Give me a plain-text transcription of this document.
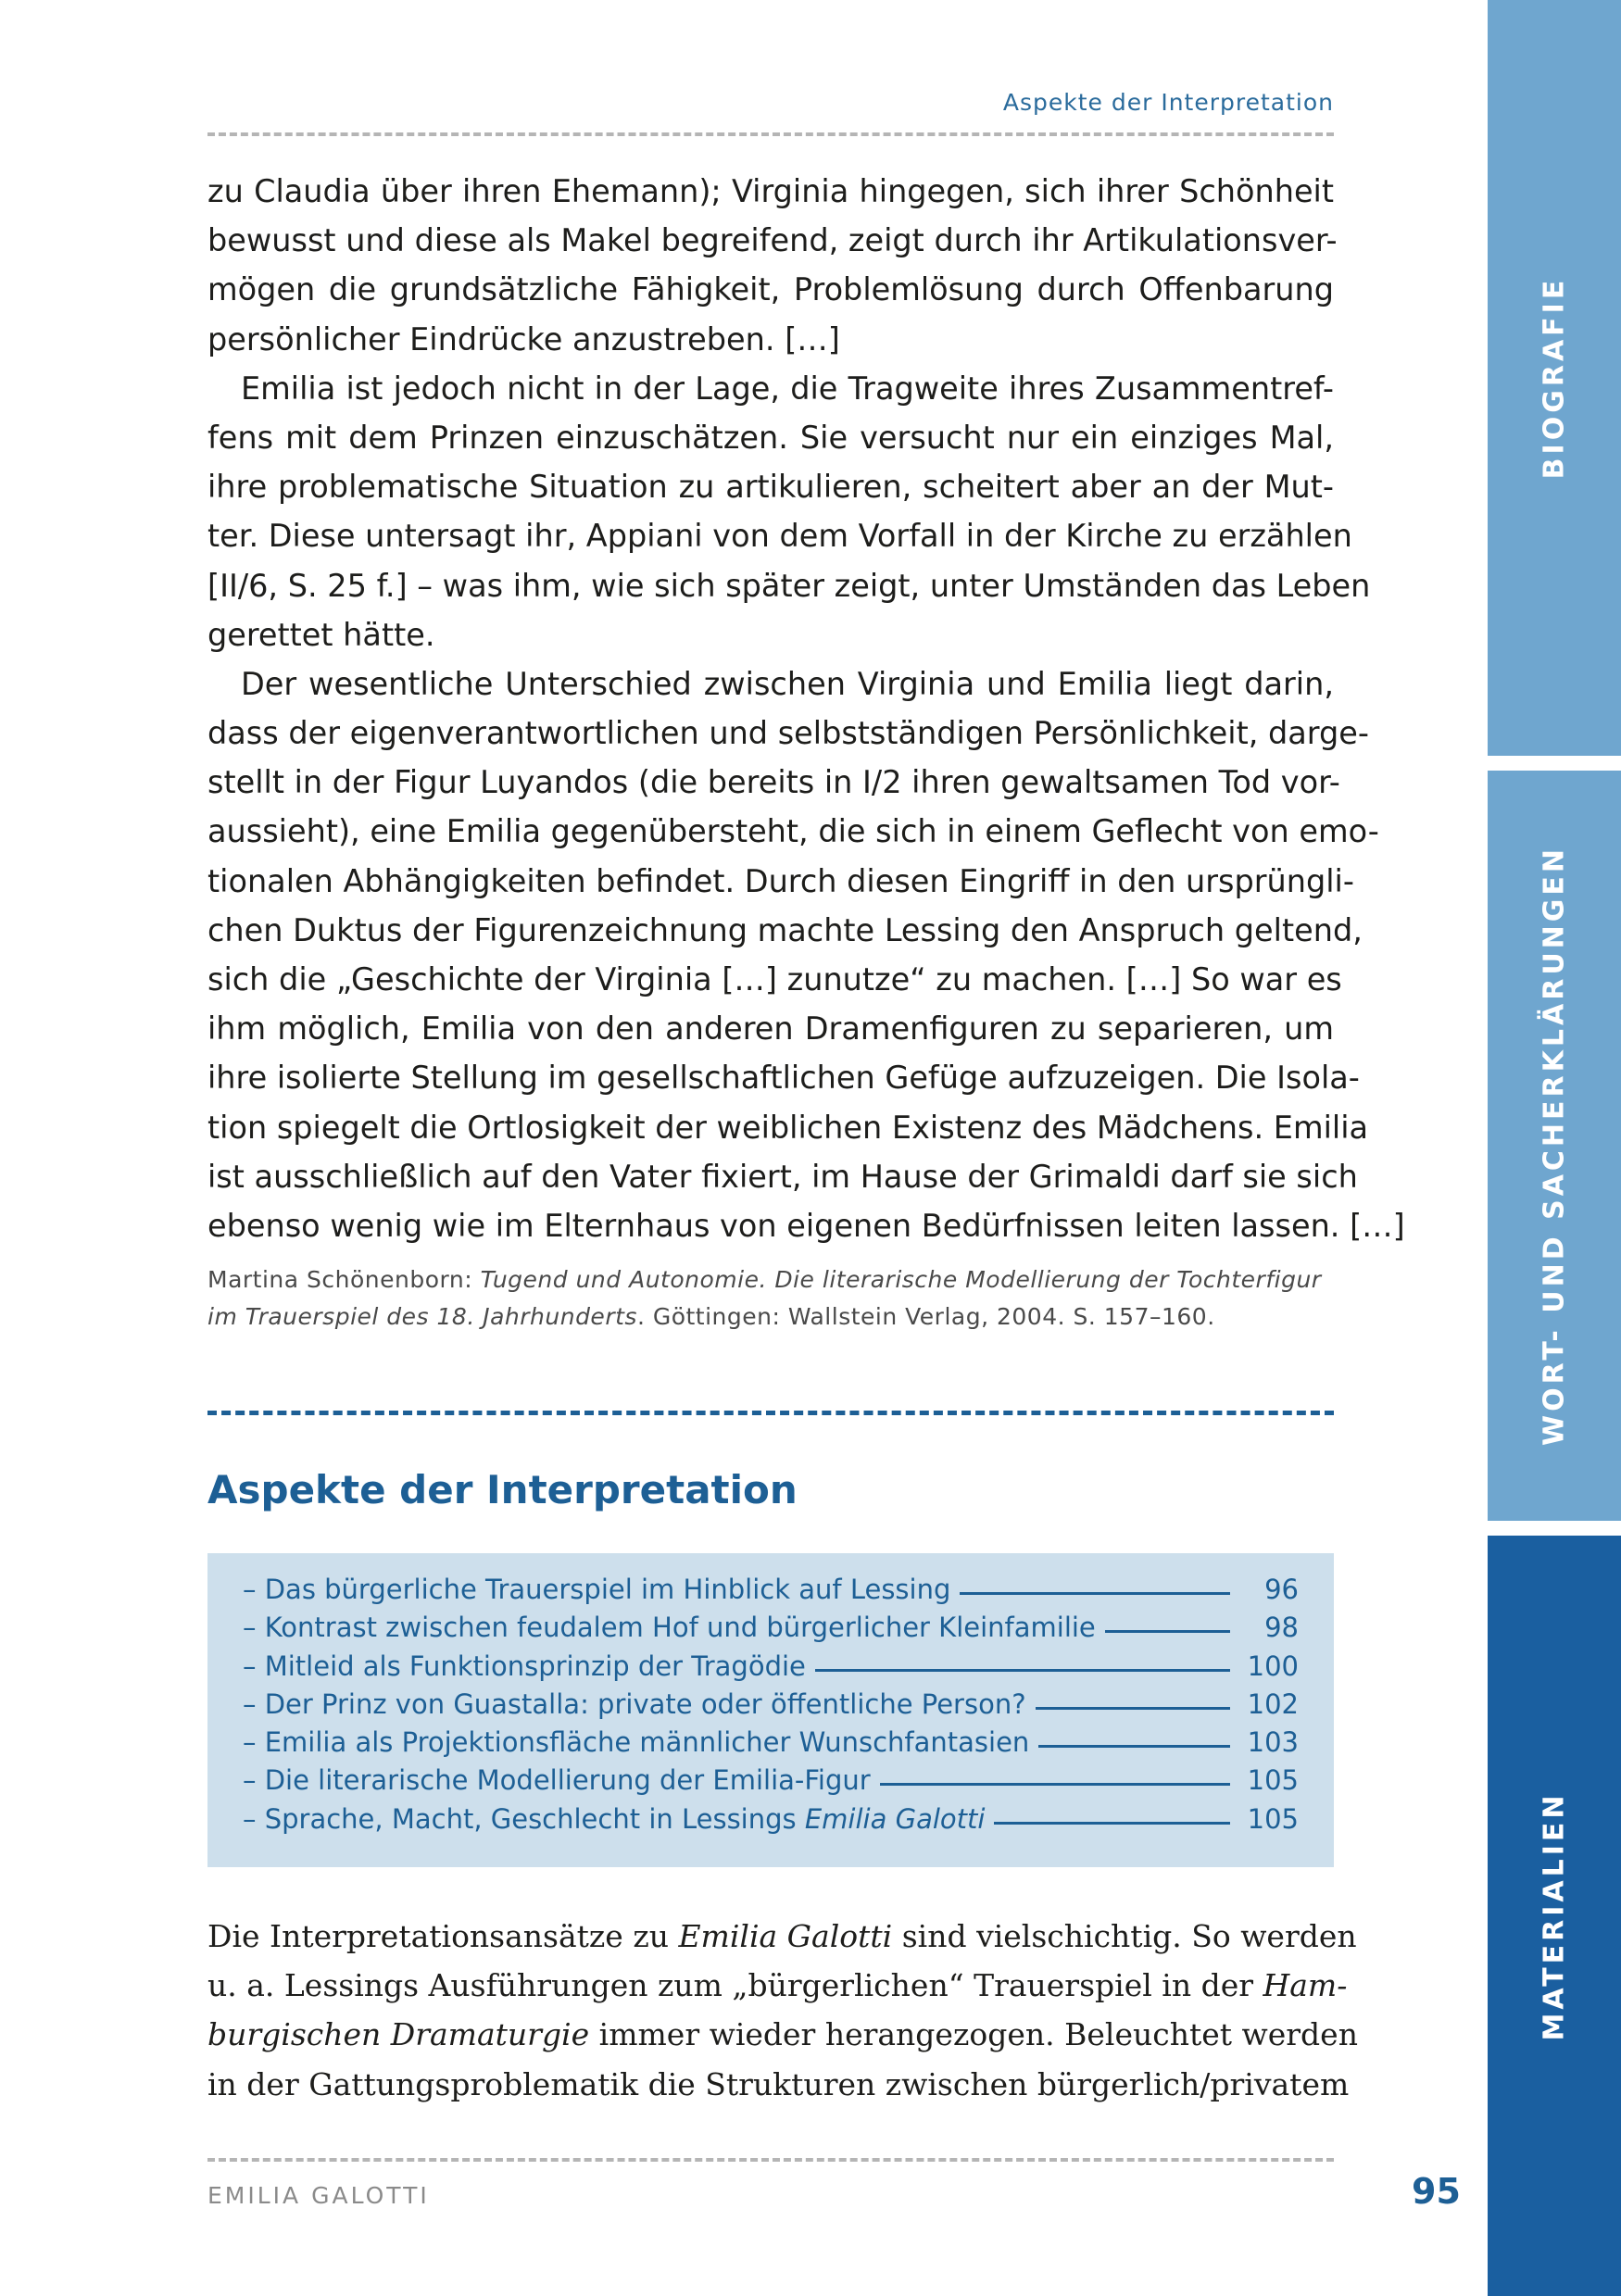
Aspekte der Interpretation
zu Claudia über ihren Ehemann); Virginia hingegen, sich ihrer Schönheit
bewusst und diese als Makel begreifend, zeigt durch ihr Artikulationsver-
mögen die grundsätzliche Fähigkeit, Problemlösung durch Offenbarung
persönlicher Eindrücke anzustreben. […]
Emilia ist jedoch nicht in der Lage, die Tragweite ihres Zusammentref-
fens mit dem Prinzen einzuschätzen. Sie versucht nur ein einziges Mal,
ihre problematische Situation zu artikulieren, scheitert aber an der Mut-
ter. Diese untersagt ihr, Appiani von dem Vorfall in der Kirche zu erzählen
[II/6, S. 25 f.] – was ihm, wie sich später zeigt, unter Umständen das Leben
gerettet hätte.
Der wesentliche Unterschied zwischen Virginia und Emilia liegt darin,
dass der eigenverantwortlichen und selbstständigen Persönlichkeit, darge-
stellt in der Figur Luyandos (die bereits in I/2 ihren gewaltsamen Tod vor-
aussieht), eine Emilia gegenübersteht, die sich in einem Geflecht von emo-
tionalen Abhängigkeiten befindet. Durch diesen Eingriff in den ursprüngli-
chen Duktus der Figurenzeichnung machte Lessing den Anspruch geltend,
sich die „Geschichte der Virginia […] zunutze“ zu machen. […] So war es
ihm möglich, Emilia von den anderen Dramenfiguren zu separieren, um
ihre isolierte Stellung im gesellschaftlichen Gefüge aufzuzeigen. Die Isola-
tion spiegelt die Ortlosigkeit der weiblichen Existenz des Mädchens. Emilia
ist ausschließlich auf den Vater fixiert, im Hause der Grimaldi darf sie sich
ebenso wenig wie im Elternhaus von eigenen Bedürfnissen leiten lassen. […]
Martina Schönenborn: Tugend und Autonomie. Die literarische Modellierung der Tochterfigur im Trauerspiel des 18. Jahrhunderts. Göttingen: Wallstein Verlag, 2004. S. 157–160.
Aspekte der Interpretation
– Das bürgerliche Trauerspiel im Hinblick auf Lessing	96
– Kontrast zwischen feudalem Hof und bürgerlicher Kleinfamilie	98
– Mitleid als Funktionsprinzip der Tragödie	100
– Der Prinz von Guastalla: private oder öffentliche Person?	102
– Emilia als Projektionsfläche männlicher Wunschfantasien	103
– Die literarische Modellierung der Emilia-Figur	105
– Sprache, Macht, Geschlecht in Lessings Emilia Galotti	105
Die Interpretationsansätze zu Emilia Galotti sind vielschichtig. So werden
u. a. Lessings Ausführungen zum „bürgerlichen“ Trauerspiel in der Ham-
burgischen Dramaturgie immer wieder herangezogen. Beleuchtet werden
in der Gattungsproblematik die Strukturen zwischen bürgerlich/privatem
EMILIA GALOTTI	95
BIOGRAFIE
WORT- UND SACHERKLÄRUNGEN
MATERIALIEN
